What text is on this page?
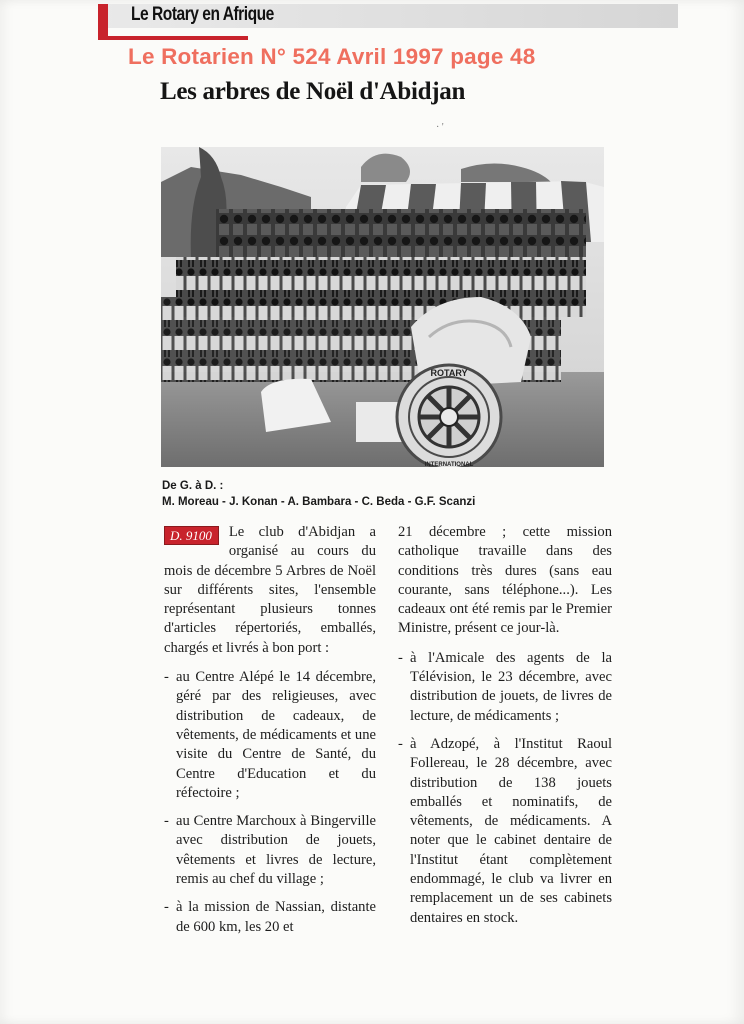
Le Rotary en Afrique
Le Rotarien N° 524 Avril 1997 page 48
Les arbres de Noël d'Abidjan
· '
ROTARY
INTERNATIONAL
De G. à D. :
M. Moreau - J. Konan - A. Bambara - C. Beda - G.F. Scanzi

D. 9100	Le club d'Abidjan a organisé au cours du mois de décembre 5 Arbres de Noël sur différents sites, l'ensemble représentant plusieurs tonnes d'articles répertoriés, emballés, chargés et livrés à bon port :

- au Centre Alépé le 14 décembre, géré par des religieuses, avec distribution de cadeaux, de vêtements, de médicaments et une visite du Centre de Santé, du Centre d'Education et du réfectoire ;

- au Centre Marchoux à Bingerville avec distribution de jouets, vêtements et livres de lecture, remis au chef du village ;

- à la mission de Nassian, distante de 600 km, les 20 et

21 décembre ; cette mission catholique travaille dans des conditions très dures (sans eau courante, sans téléphone...). Les cadeaux ont été remis par le Premier Ministre, présent ce jour-là.

- à l'Amicale des agents de la Télévision, le 23 décembre, avec distribution de jouets, de livres de lecture, de médicaments ;

- à Adzopé, à l'Institut Raoul Follereau, le 28 décembre, avec distribution de 138 jouets emballés et nominatifs, de vêtements, de médicaments. A noter que le cabinet dentaire de l'Institut étant complètement endommagé, le club va livrer en remplacement un de ses cabinets dentaires en stock.
